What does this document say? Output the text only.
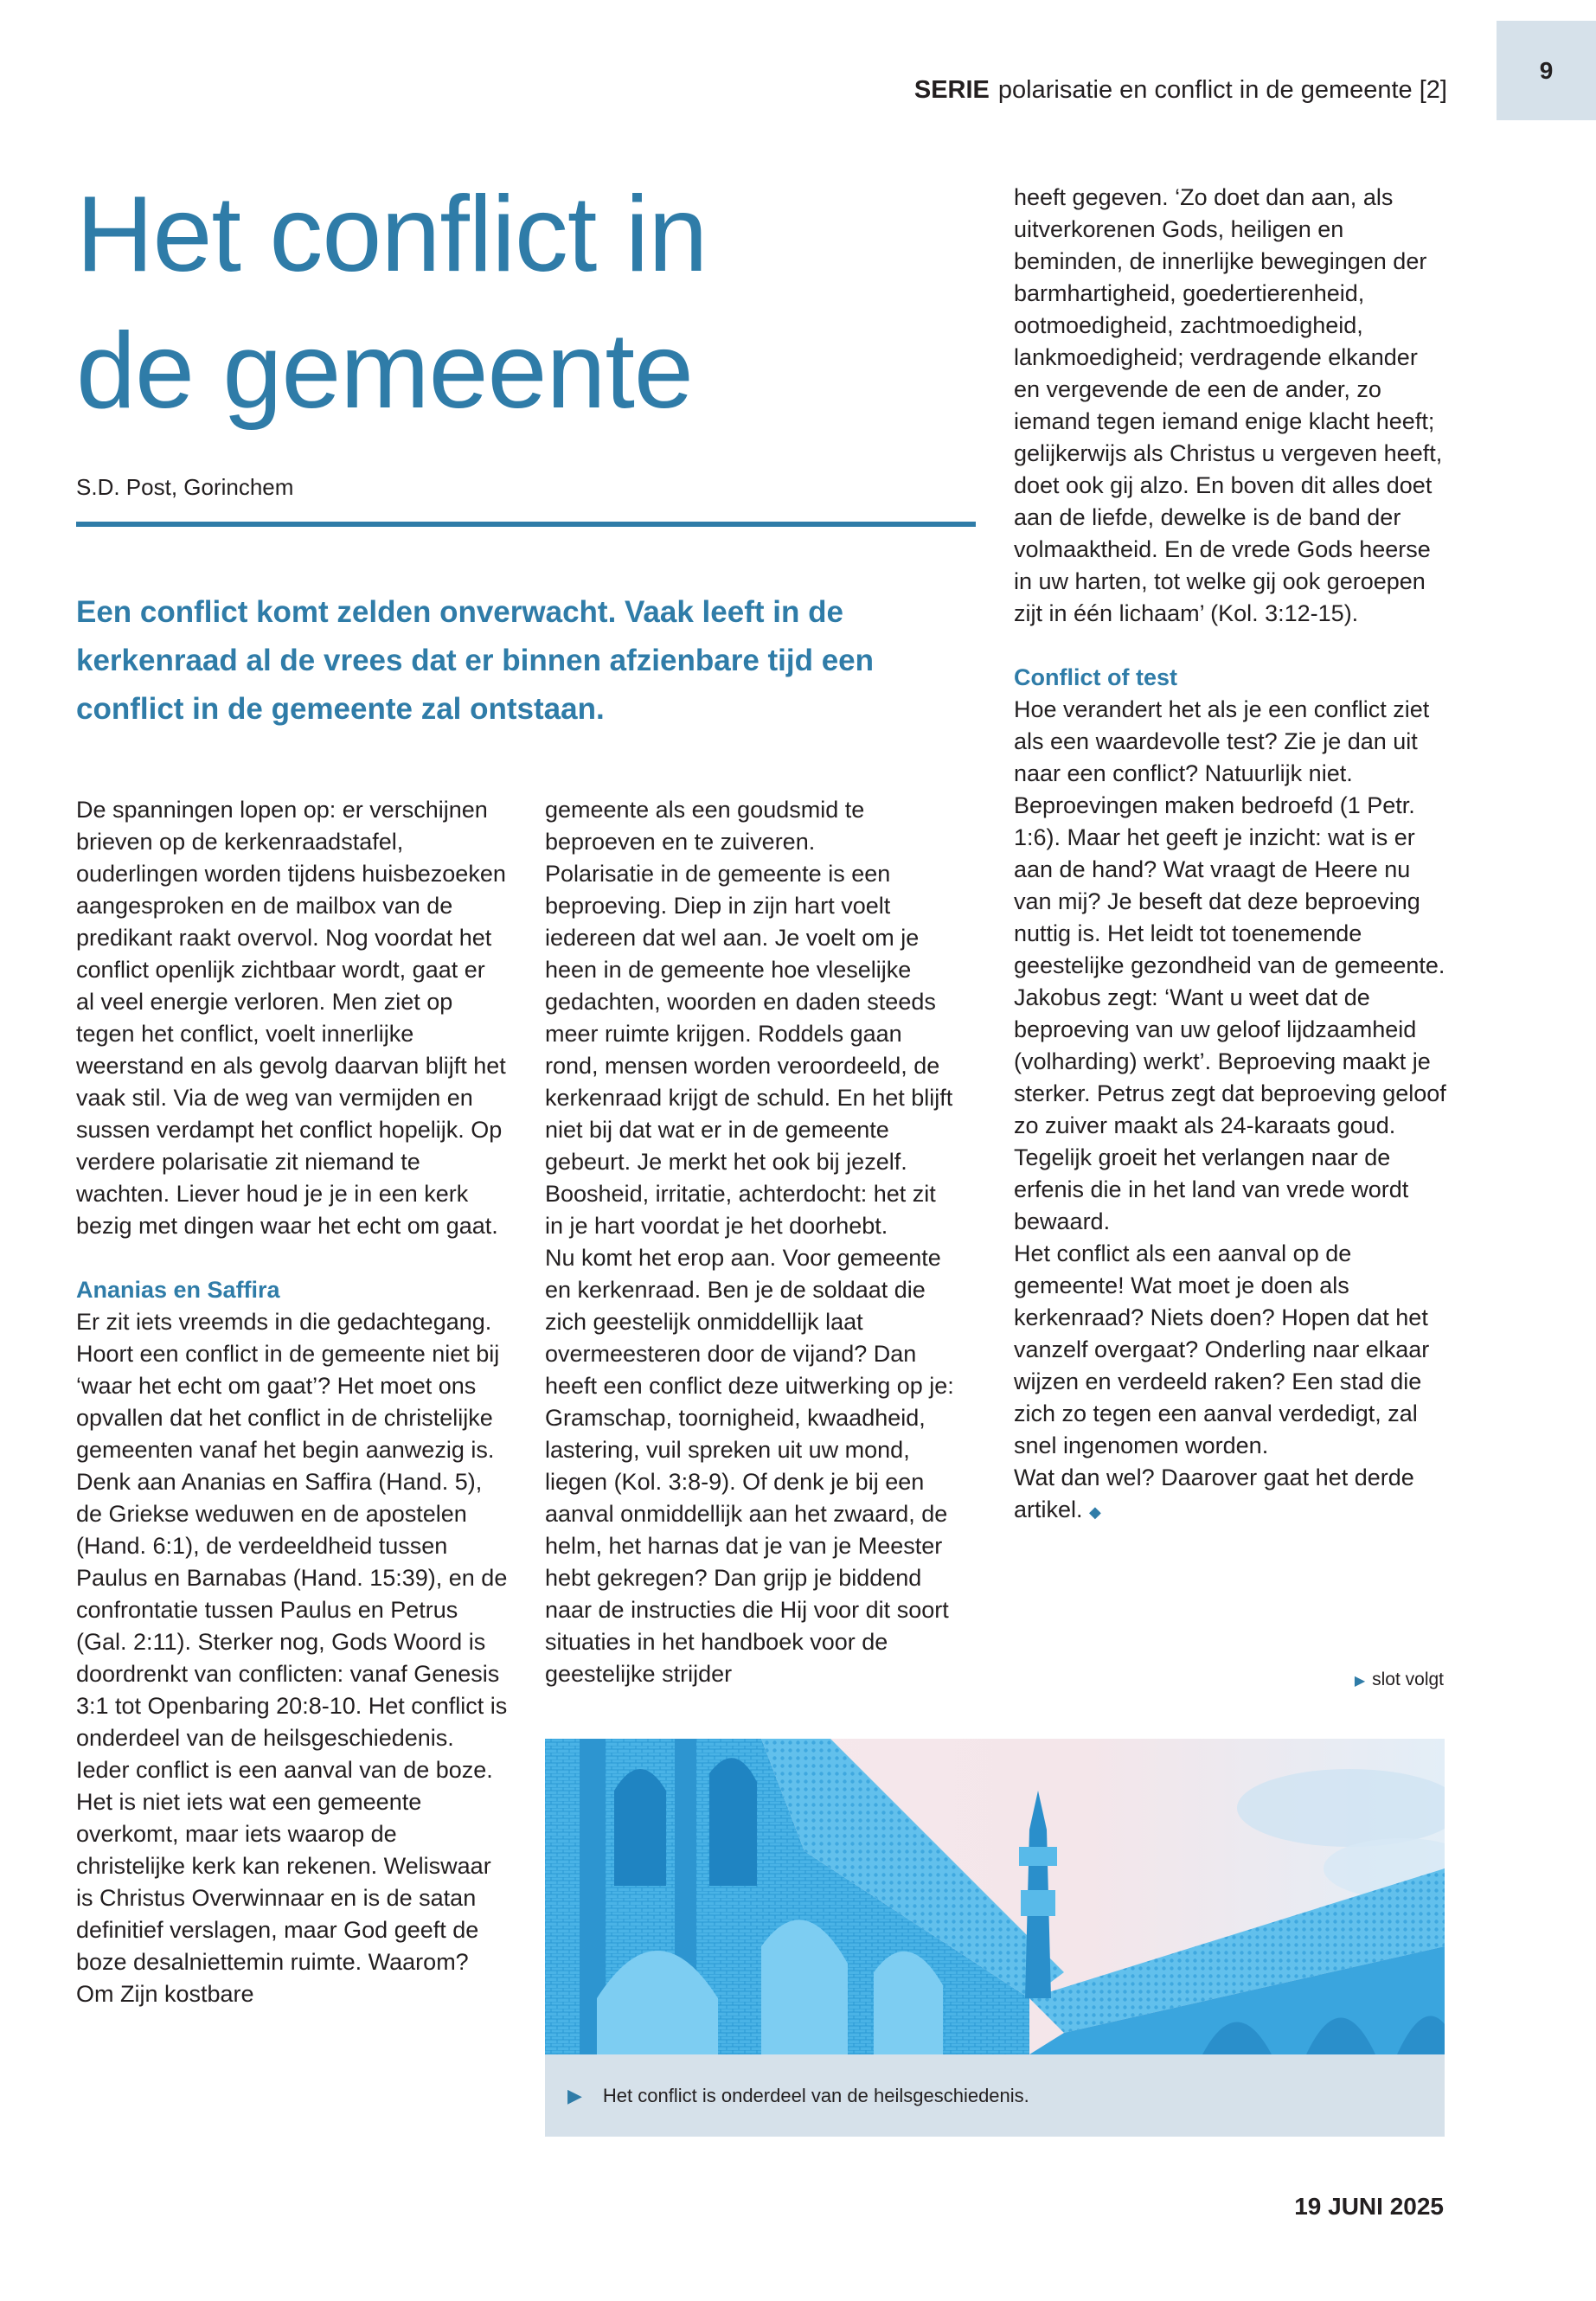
9
SERIE polarisatie en conflict in de gemeente [2]
Het conflict in
de gemeente
S.D. Post, Gorinchem

Een conflict komt zelden onverwacht. Vaak leeft in de kerkenraad al de vrees dat er binnen afzienbare tijd een conflict in de gemeente zal ontstaan.

De spanningen lopen op: er verschijnen brieven op de kerkenraadstafel, ouderlingen worden tijdens huisbezoeken aangesproken en de mailbox van de predikant raakt overvol. Nog voordat het conflict openlijk zichtbaar wordt, gaat er al veel energie verloren. Men ziet op tegen het conflict, voelt innerlijke weerstand en als gevolg daarvan blijft het vaak stil. Via de weg van vermijden en sussen verdampt het conflict hopelijk. Op verdere polarisatie zit niemand te wachten. Liever houd je je in een kerk bezig met dingen waar het echt om gaat.

Ananias en Saffira

Er zit iets vreemds in die gedachtegang. Hoort een conflict in de gemeente niet bij ‘waar het echt om gaat’? Het moet ons opvallen dat het conflict in de christelijke gemeenten vanaf het begin aanwezig is. Denk aan Ananias en Saffira (Hand. 5), de Griekse weduwen en de apostelen (Hand. 6:1), de verdeeldheid tussen Paulus en Barnabas (Hand. 15:39), en de confrontatie tussen Paulus en Petrus (Gal. 2:11). Sterker nog, Gods Woord is doordrenkt van conflicten: vanaf Genesis 3:1 tot Openbaring 20:8-10. Het conflict is onderdeel van de heilsgeschiedenis. Ieder conflict is een aanval van de boze. Het is niet iets wat een gemeente overkomt, maar iets waarop de christelijke kerk kan rekenen. Weliswaar is Christus Overwinnaar en is de satan definitief verslagen, maar God geeft de boze desalniettemin ruimte. Waarom? Om Zijn kostbare

gemeente als een goudsmid te beproeven en te zuiveren.

Polarisatie in de gemeente is een beproeving. Diep in zijn hart voelt iedereen dat wel aan. Je voelt om je heen in de gemeente hoe vleselijke gedachten, woorden en daden steeds meer ruimte krijgen. Roddels gaan rond, mensen worden veroordeeld, de kerkenraad krijgt de schuld. En het blijft niet bij dat wat er in de gemeente gebeurt. Je merkt het ook bij jezelf. Boosheid, irritatie, achterdocht: het zit in je hart voordat je het doorhebt.

Nu komt het erop aan. Voor gemeente en kerkenraad. Ben je de soldaat die zich geestelijk onmiddellijk laat overmeesteren door de vijand? Dan heeft een conflict deze uitwerking op je: Gramschap, toornigheid, kwaadheid, lastering, vuil spreken uit uw mond, liegen (Kol. 3:8-9). Of denk je bij een aanval onmiddellijk aan het zwaard, de helm, het harnas dat je van je Meester hebt gekregen? Dan grijp je biddend naar de instructies die Hij voor dit soort situaties in het handboek voor de geestelijke strijder

heeft gegeven. ‘Zo doet dan aan, als uitverkorenen Gods, heiligen en beminden, de innerlijke bewegingen der barmhartigheid, goedertierenheid, ootmoedigheid, zachtmoedigheid, lankmoedigheid; verdragende elkander en vergevende de een de ander, zo iemand tegen iemand enige klacht heeft; gelijkerwijs als Christus u vergeven heeft, doet ook gij alzo. En boven dit alles doet aan de liefde, dewelke is de band der volmaaktheid. En de vrede Gods heerse in uw harten, tot welke gij ook geroepen zijt in één lichaam’ (Kol. 3:12-15).

Conflict of test

Hoe verandert het als je een conflict ziet als een waardevolle test? Zie je dan uit naar een conflict? Natuurlijk niet. Beproevingen maken bedroefd (1 Petr. 1:6). Maar het geeft je inzicht: wat is er aan de hand? Wat vraagt de Heere nu van mij? Je beseft dat deze beproeving nuttig is. Het leidt tot toenemende geestelijke gezondheid van de gemeente.

Jakobus zegt: ‘Want u weet dat de beproeving van uw geloof lijdzaamheid (volharding) werkt’. Beproeving maakt je sterker. Petrus zegt dat beproeving geloof zo zuiver maakt als 24-karaats goud. Tegelijk groeit het verlangen naar de erfenis die in het land van vrede wordt bewaard.

Het conflict als een aanval op de gemeente! Wat moet je doen als kerkenraad? Niets doen? Hopen dat het vanzelf overgaat? Onderling naar elkaar wijzen en verdeeld raken? Een stad die zich zo tegen een aanval verdedigt, zal snel ingenomen worden.

Wat dan wel? Daarover gaat het derde artikel. ◆

▶ slot volgt
▶ Het conflict is onderdeel van de heilsgeschiedenis.
19 JUNI 2025
